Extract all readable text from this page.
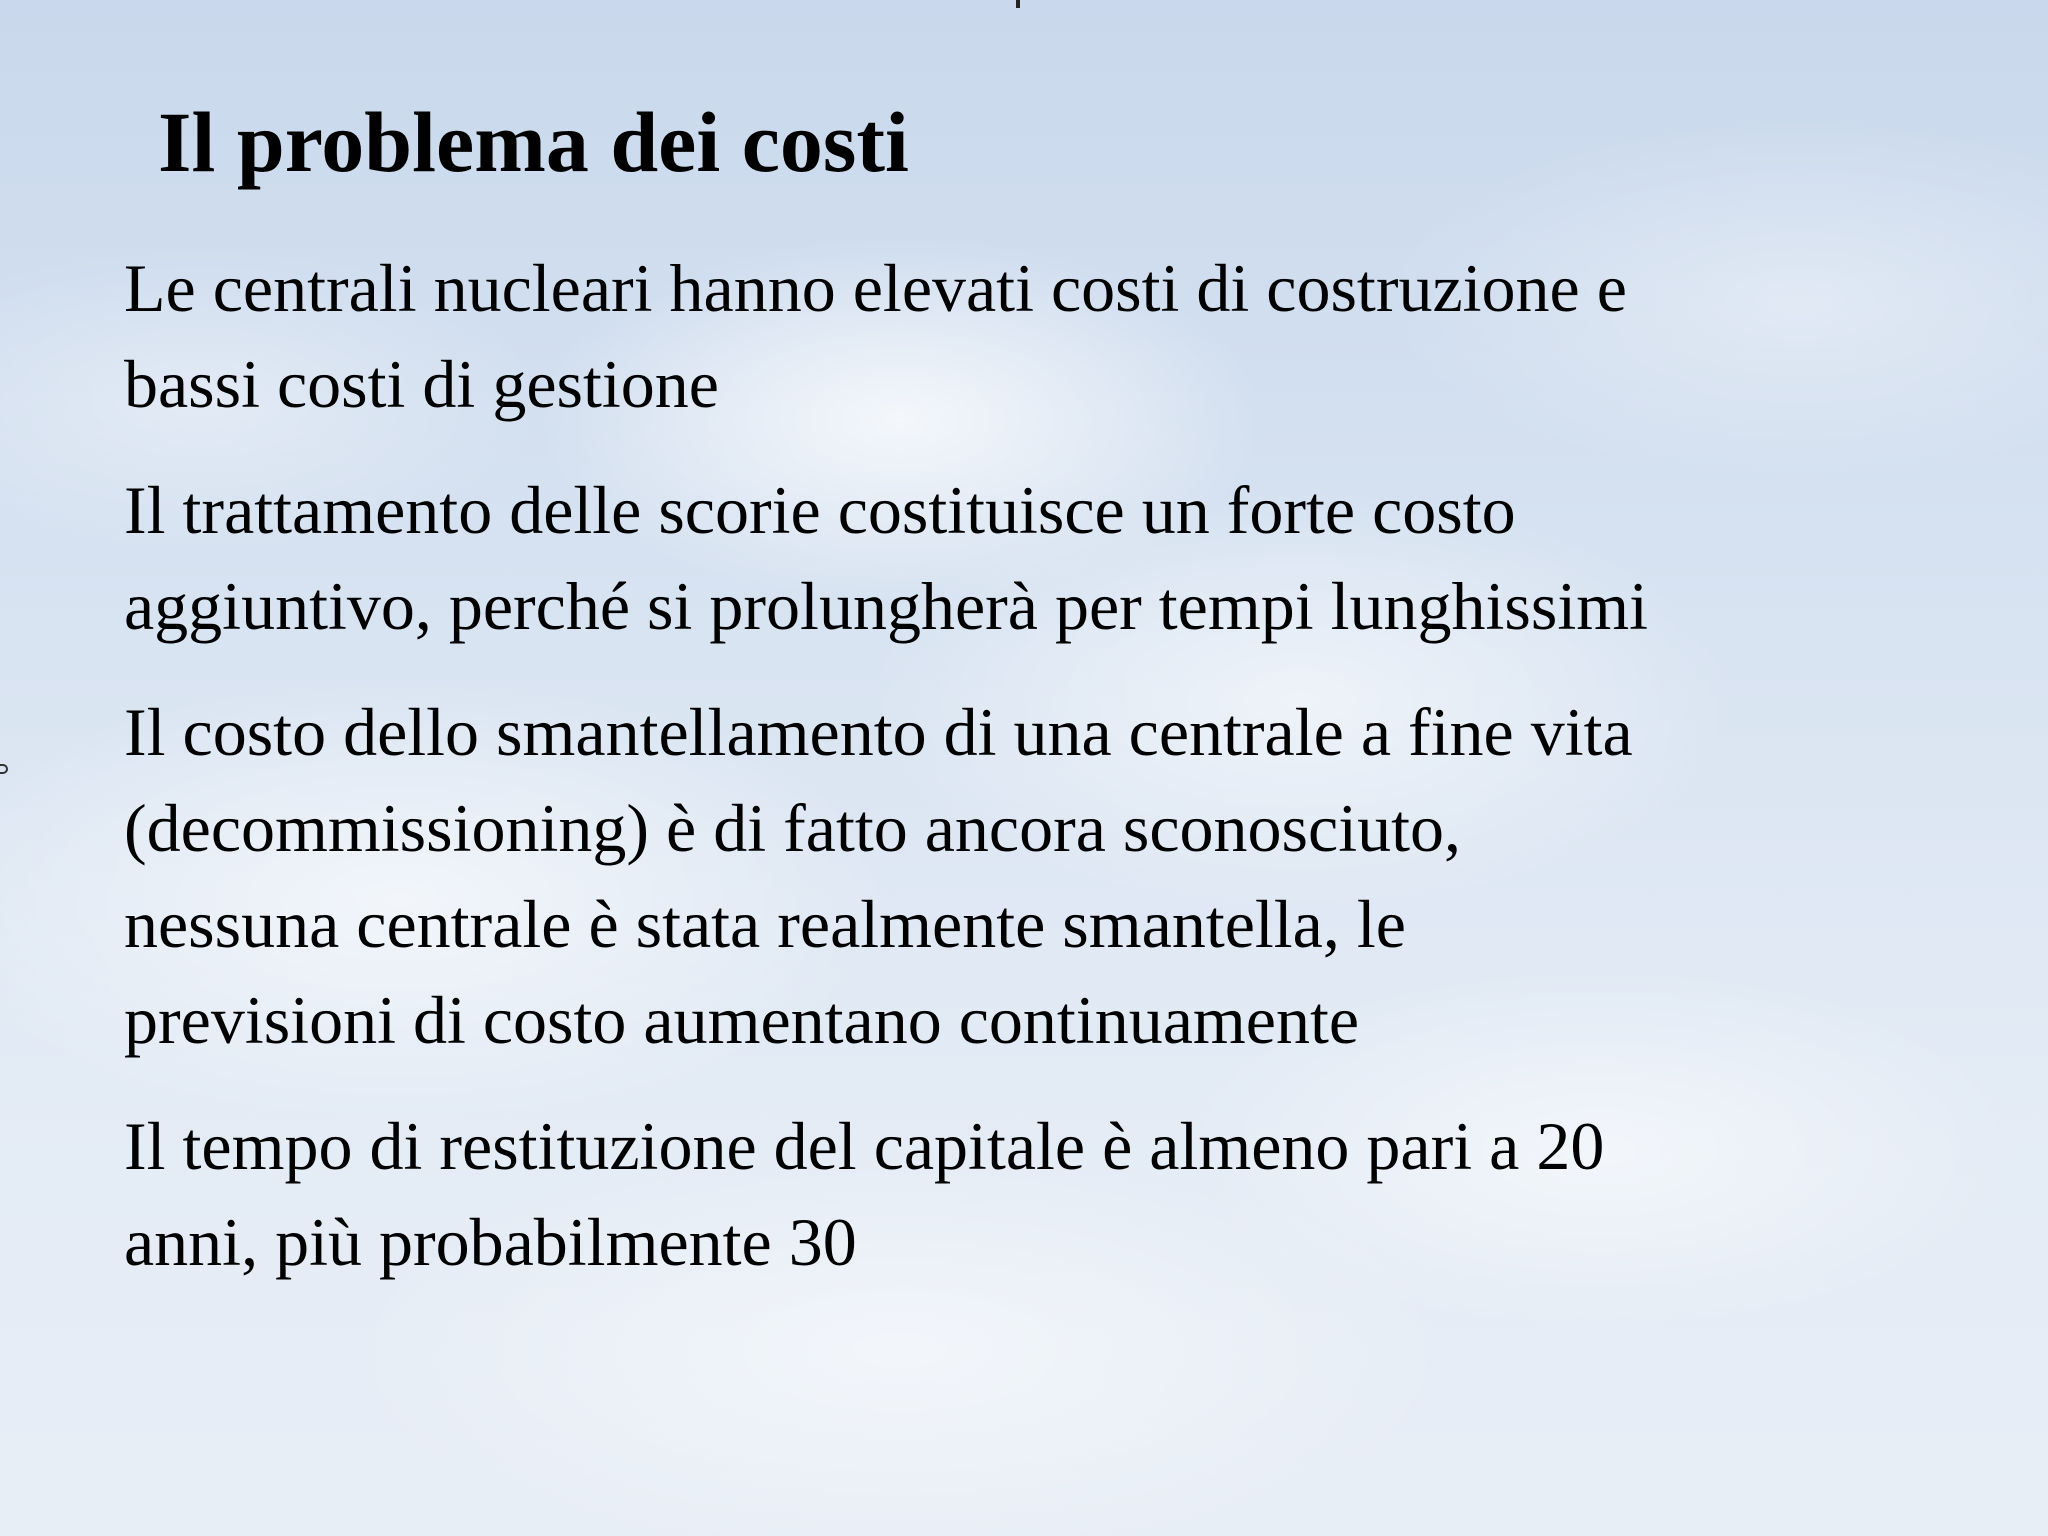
Il problema dei costi
Le centrali nucleari hanno elevati costi di costruzione e
bassi costi di gestione
Il trattamento delle scorie costituisce un forte costo
aggiuntivo, perché si prolungherà per tempi lunghissimi
Il costo dello smantellamento di una centrale a fine vita
(decommissioning) è di fatto ancora sconosciuto,
nessuna centrale è stata realmente smantella, le
previsioni di costo aumentano continuamente
Il tempo di restituzione del capitale è almeno pari a 20
anni, più probabilmente 30
